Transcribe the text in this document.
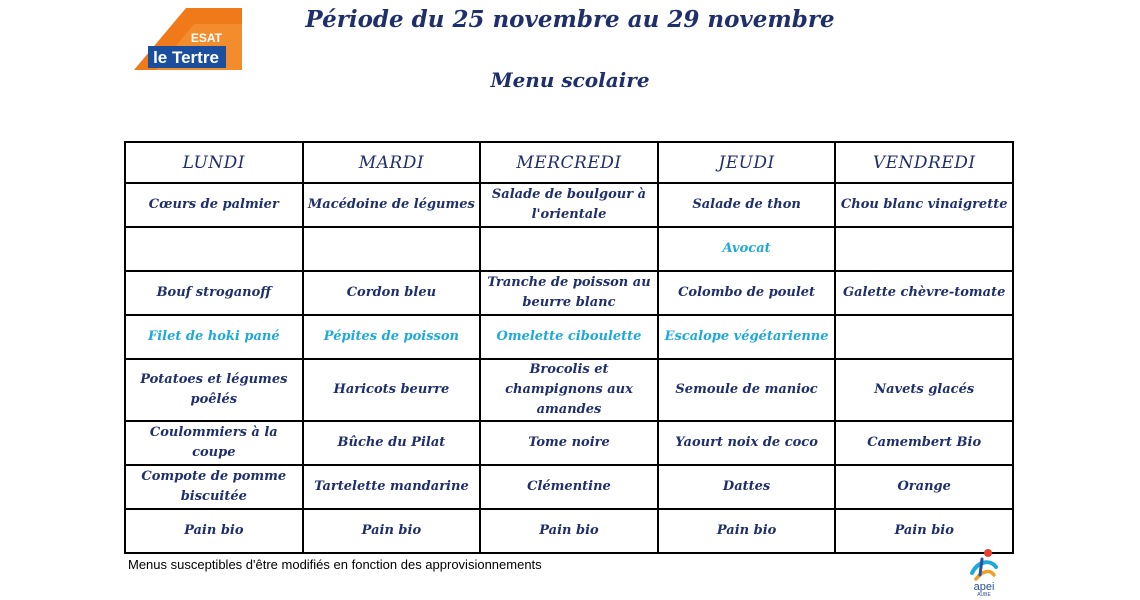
ESAT
le Tertre
Période du 25 novembre au 29 novembre
Menu scolaire
LUNDI	MARDI	MERCREDI	JEUDI	VENDREDI
Cœurs de palmier	Macédoine de légumes	Salade de boulgour à l'orientale	Salade de thon	Chou blanc vinaigrette
			Avocat	
Bouf stroganoff	Cordon bleu	Tranche de poisson au beurre blanc	Colombo de poulet	Galette chèvre-tomate
Filet de hoki pané	Pépites de poisson	Omelette ciboulette	Escalope végétarienne	
Potatoes et légumes poêlés	Haricots beurre	Brocolis et champignons aux amandes	Semoule de manioc	Navets glacés
Coulommiers à la coupe	Bûche du Pilat	Tome noire	Yaourt noix de coco	Camembert Bio
Compote de pomme biscuitée	Tartelette mandarine	Clémentine	Dattes	Orange
Pain bio	Pain bio	Pain bio	Pain bio	Pain bio
Menus susceptibles d'être modifiés en fonction des approvisionnements
apei
AUBE
